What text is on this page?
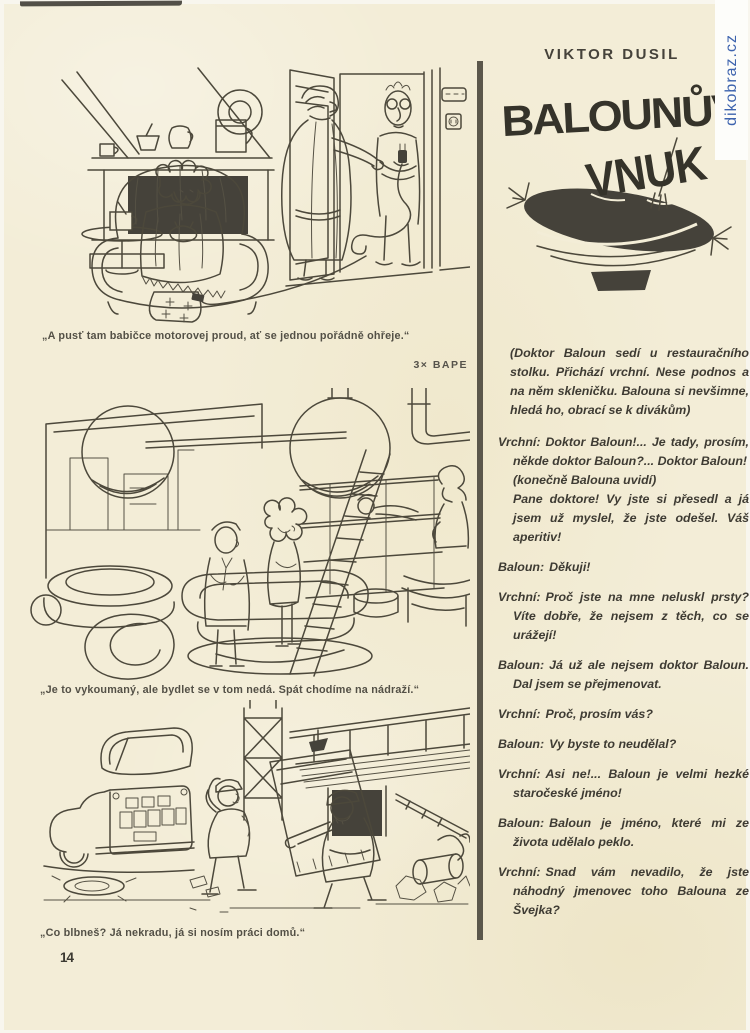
„A pusť tam babičce motorovej proud, ať se jednou pořádně ohřeje.“
3× BAPE
„Je to vykoumaný, ale bydlet se v tom nedá. Spát chodíme na nádraží.“
„Co blbneš? Já nekradu, já si nosím práci domů.“
14
VIKTOR DUSIL
BALOUNŮV
VNUK

(Doktor Baloun sedí u restauračního stolku. Přichází vrchní. Nese podnos a na něm skleničku. Balouna si nevšimne, hledá ho, obrací se k divákům)

Vrchní: Doktor Baloun!... Je tady, prosím, někde doktor Baloun?... Doktor Baloun!

(konečně Balouna uvidí)

Pane doktore! Vy jste si přesedl a já jsem už myslel, že jste odešel. Váš aperitiv!

Baloun: Děkuji!

Vrchní: Proč jste na mne neluskl prsty? Víte dobře, že nejsem z těch, co se urážejí!

Baloun: Já už ale nejsem doktor Baloun. Dal jsem se přejmenovat.

Vrchní: Proč, prosím vás?

Baloun: Vy byste to neudělal?

Vrchní: Asi ne!... Baloun je velmi hezké staročeské jméno!

Baloun: Baloun je jméno, které mi ze života udělalo peklo.

Vrchní: Snad vám nevadilo, že jste náhodný jmenovec toho Balouna ze Švejka?

dikobraz.cz
